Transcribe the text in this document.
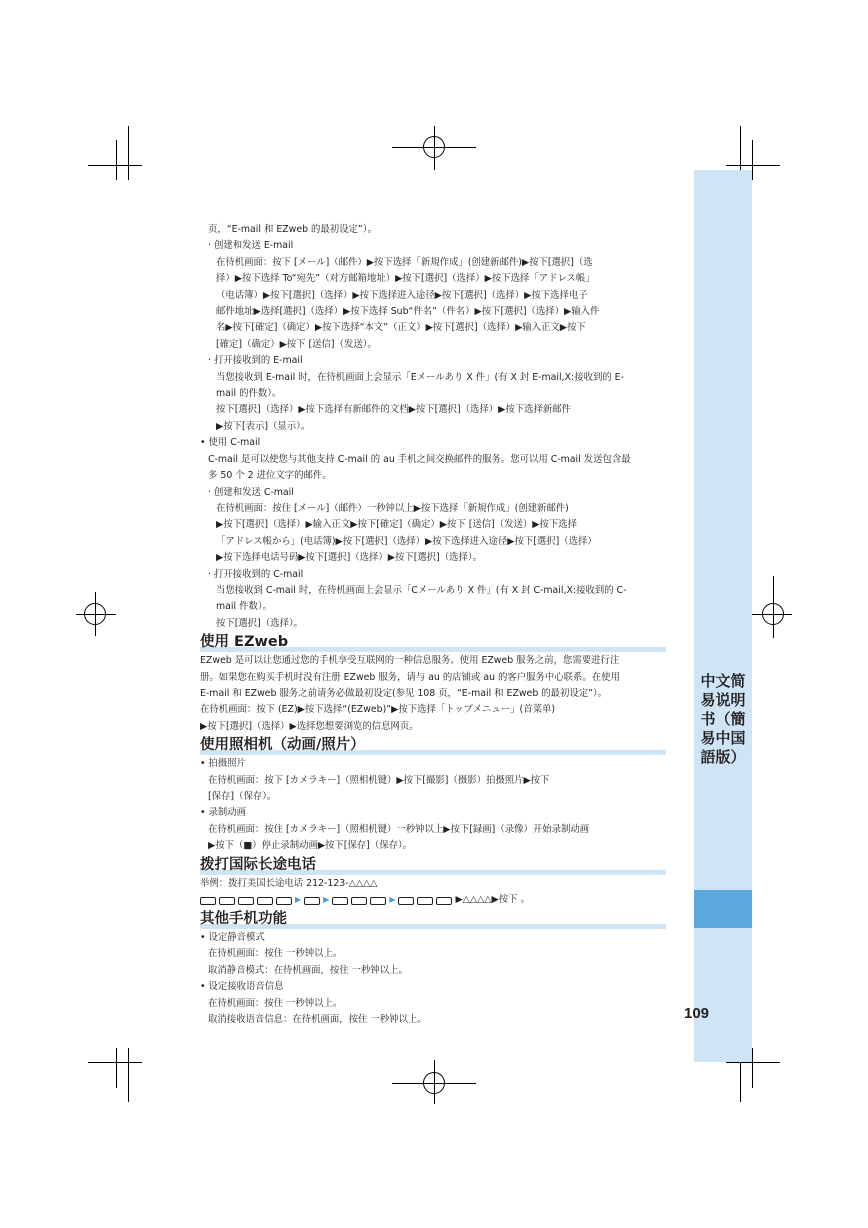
中文简易说明书（簡易中国語版）
109
页，“E-mail 和 EZweb 的最初设定”）。
· 创建和发送 E-mail
在待机画面：按下 [メール]（邮件）▶按下选择「新規作成」(创建新邮件)▶按下[選択]（选
择）▶按下选择 To“宛先”（对方邮箱地址）▶按下[選択]（选择）▶按下选择「アドレス帳」
（电话簿）▶按下[選択]（选择）▶按下选择进入途径▶按下[選択]（选择）▶按下选择电子
邮件地址▶选择[選択]（选择）▶按下选择 Sub“件名”（件名）▶按下[選択]（选择）▶输入件
名▶按下[確定]（确定）▶按下选择“本文”（正文）▶按下[選択]（选择）▶输入正文▶按下
[確定]（确定）▶按下 [送信]（发送）。
· 打开接收到的 E-mail
当您接收到 E-mail 时，在待机画面上会显示「Eメールあり X 件」(有 X 封 E-mail,X:接收到的 E-
mail 的件数）。
按下[選択]（选择）▶按下选择有新邮件的文档▶按下[選択]（选择）▶按下选择新邮件
▶按下[表示]（显示）。
• 使用 C-mail
C-mail 是可以使您与其他支持 C-mail 的 au 手机之间交换邮件的服务。您可以用 C-mail 发送包含最
多 50 个 2 进位文字的邮件。
· 创建和发送 C-mail
在待机画面：按住 [メール]（邮件）一秒钟以上▶按下选择「新規作成」(创建新邮件)
▶按下[選択]（选择）▶输入正文▶按下[確定]（确定）▶按下 [送信]（发送）▶按下选择
「アドレス帳から」(电话簿)▶按下[選択]（选择）▶按下选择进入途径▶按下[選択]（选择）
▶按下选择电话号码▶按下[選択]（选择）▶按下[選択]（选择）。
· 打开接收到的 C-mail
当您接收到 C-mail 时，在待机画面上会显示「Cメールあり X 件」(有 X 封 C-mail,X:接收到的 C-
mail 件数）。
按下[選択]（选择）。
使用 EZweb
EZweb 是可以让您通过您的手机享受互联网的一种信息服务。使用 EZweb 服务之前，您需要进行注
册。如果您在购买手机时没有注册 EZweb 服务，请与 au 的店铺或 au 的客户服务中心联系。在使用
E-mail 和 EZweb 服务之前请务必做最初设定(参见 108 页，“E-mail 和 EZweb 的最初设定”）。
在待机画面：按下 (EZ)▶按下选择“(EZweb)”▶按下选择「トップメニュー」(首菜单)
▶按下[選択]（选择）▶选择您想要浏览的信息网页。
使用照相机（动画/照片）
• 拍摄照片
在待机画面：按下 [カメラキー]（照相机键）▶按下[撮影]（摄影）拍摄照片▶按下
[保存]（保存）。
• 录制动画
在待机画面：按住 [カメラキー]（照相机键）一秒钟以上▶按下[録画]（录像）开始录制动画
▶按下（■）停止录制动画▶按下[保存]（保存）。
拨打国际长途电话
举例：拨打美国长途电话 212-123-△△△△
▶	▶	▶	▶△△△△▶按下 。
其他手机功能
• 设定静音模式
在待机画面：按住 一秒钟以上。
取消静音模式：在待机画面，按住 一秒钟以上。
• 设定接收语音信息
在待机画面：按住 一秒钟以上。
取消接收语音信息：在待机画面，按住 一秒钟以上。
